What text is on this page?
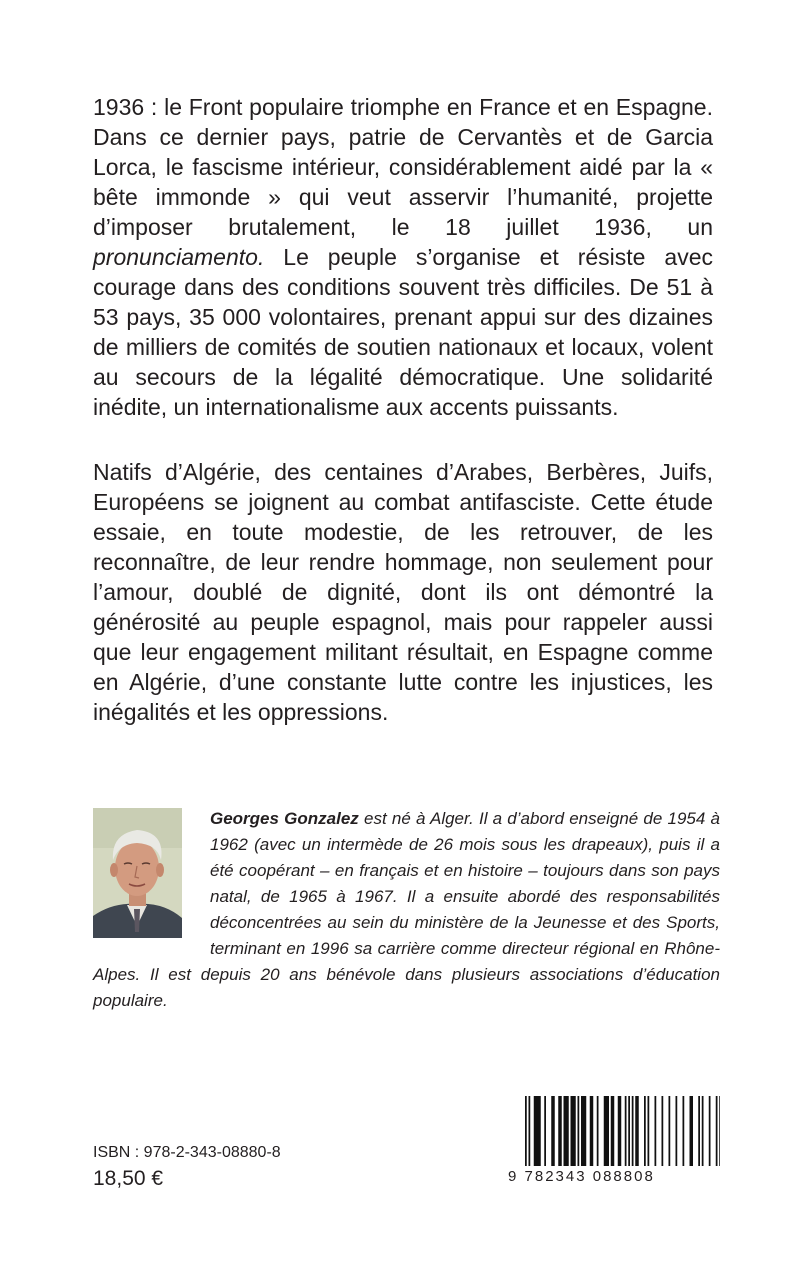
1936 : le Front populaire triomphe en France et en Espagne. Dans ce dernier pays, patrie de Cervantès et de Garcia Lorca, le fascisme intérieur, considérablement aidé par la « bête immonde » qui veut asservir l’humanité, projette d’imposer brutalement, le 18 juillet 1936, un pronunciamento. Le peuple s’organise et résiste avec courage dans des conditions souvent très difficiles. De 51 à 53 pays, 35 000 volontaires, prenant appui sur des dizaines de milliers de comités de soutien nationaux et locaux, volent au secours de la légalité démocratique. Une solidarité inédite, un internationalisme aux accents puissants.

Natifs d’Algérie, des centaines d’Arabes, Berbères, Juifs, Européens se joignent au combat antifasciste. Cette étude essaie, en toute modestie, de les retrouver, de les reconnaître, de leur rendre hommage, non seulement pour l’amour, doublé de dignité, dont ils ont démontré la générosité au peuple espagnol, mais pour rappeler aussi que leur engagement militant résultait, en Espagne comme en Algérie, d’une constante lutte contre les injustices, les inégalités et les oppressions.

Georges Gonzalez est né à Alger. Il a d’abord enseigné de 1954 à 1962 (avec un intermède de 26 mois sous les drapeaux), puis il a été coopérant – en français et en histoire – toujours dans son pays natal, de 1965 à 1967. Il a ensuite abordé des responsabilités déconcentrées au sein du ministère de la Jeunesse et des Sports, terminant en 1996 sa carrière comme directeur régional en Rhône-Alpes. Il est depuis 20 ans bénévole dans plusieurs associations d’éducation populaire.

ISBN : 978-2-343-08880-8
18,50 €	9 782343 088808
